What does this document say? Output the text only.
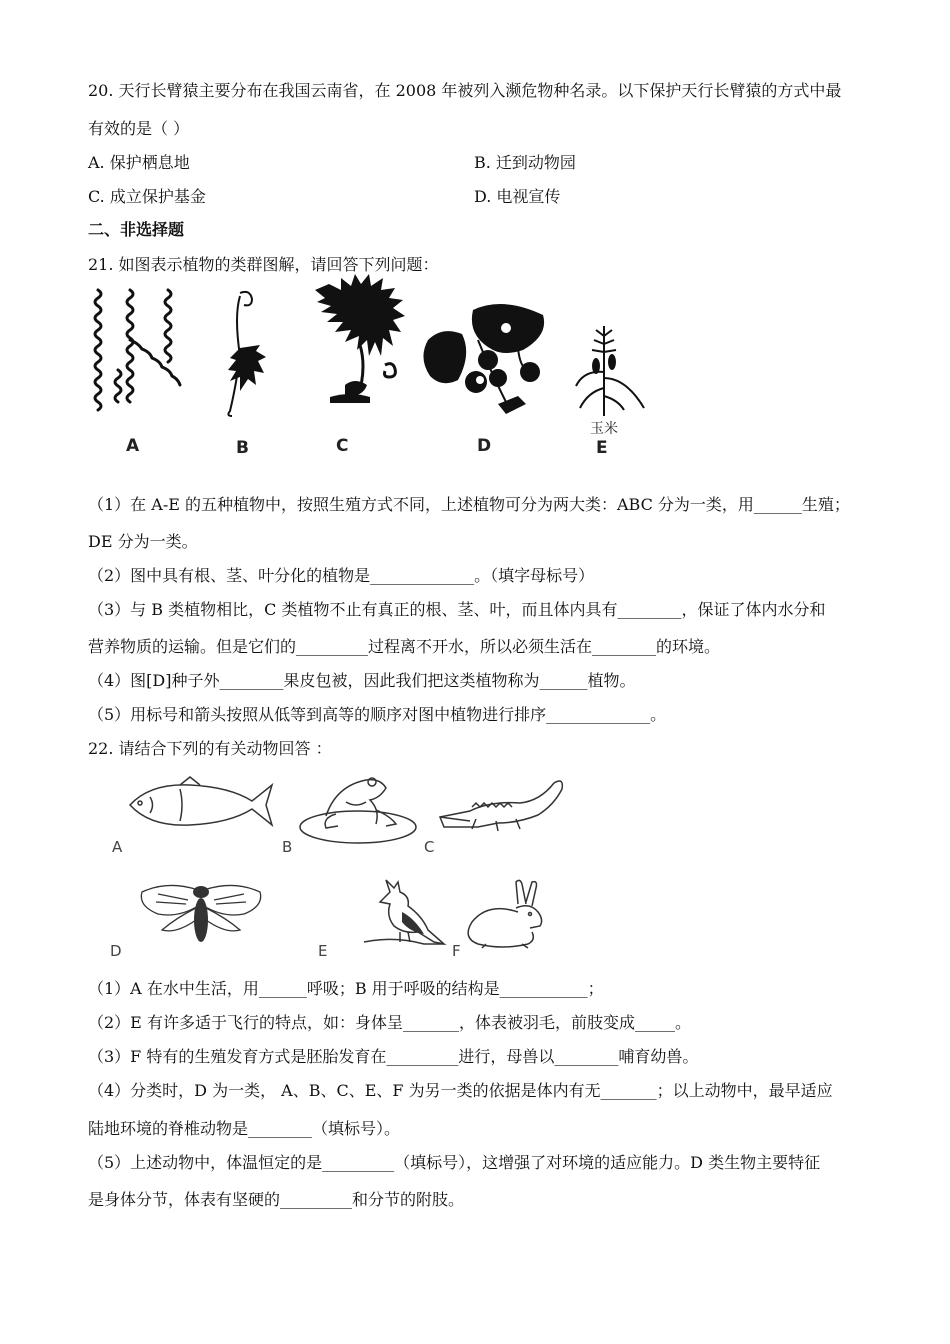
20. 天行长臂猿主要分布在我国云南省，在 2008 年被列入濒危物种名录。以下保护天行长臂猿的方式中最
有效的是（ ）
A. 保护栖息地	B. 迁到动物园
C. 成立保护基金	D. 电视宣传
二、非选择题
21. 如图表示植物的类群图解，请回答下列问题：
A	B	C	D
玉米
E
（1）在 A-E 的五种植物中，按照生殖方式不同，上述植物可分为两大类：ABC 分为一类，用______生殖；
DE 分为一类。
（2）图中具有根、茎、叶分化的植物是_____________。（填字母标号）
（3）与 B 类植物相比，C 类植物不止有真正的根、茎、叶，而且体内具有________，保证了体内水分和
营养物质的运输。但是它们的_________过程离不开水，所以必须生活在________的环境。
（4）图[D]种子外________果皮包被，因此我们把这类植物称为______植物。
（5）用标号和箭头按照从低等到高等的顺序对图中植物进行排序_____________。
22. 请结合下列的有关动物回答 ：
A	B	C
D	E	F
（1）A 在水中生活，用______呼吸；B 用于呼吸的结构是___________；
（2）E 有许多适于飞行的特点，如：身体呈_______，体表被羽毛，前肢变成_____。
（3）F 特有的生殖发育方式是胚胎发育在_________进行，母兽以________哺育幼兽。
（4）分类时，D 为一类， A、B、C、E、F 为另一类的依据是体内有无_______；以上动物中，最早适应
陆地环境的脊椎动物是________（填标号）。
（5）上述动物中，体温恒定的是_________（填标号），这增强了对环境的适应能力。D 类生物主要特征
是身体分节，体表有坚硬的_________和分节的附肢。
